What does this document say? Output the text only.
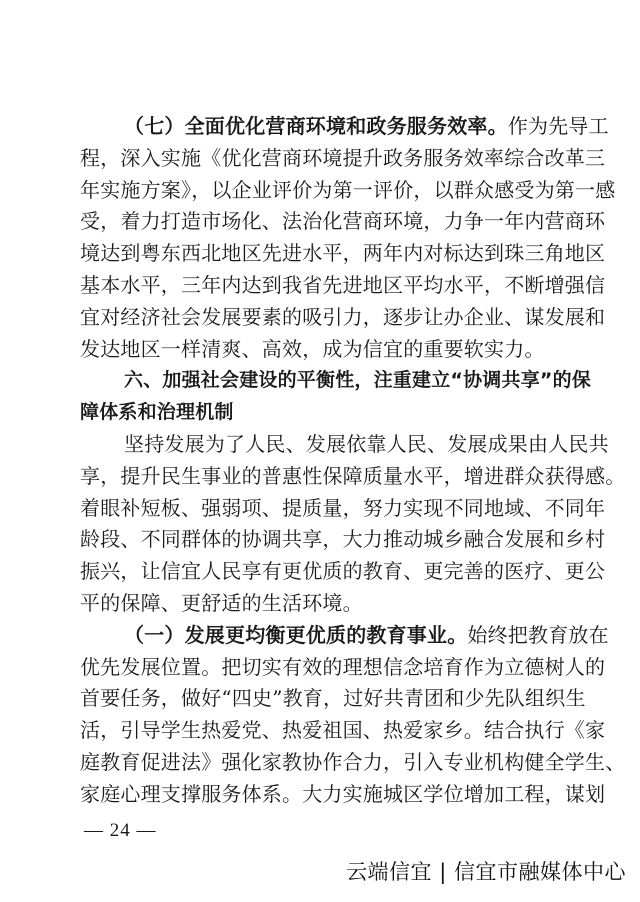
（七）全面优化营商环境和政务服务效率。作为先导工
程，深入实施《优化营商环境提升政务服务效率综合改革三
年实施方案》，以企业评价为第一评价，以群众感受为第一感
受，着力打造市场化、法治化营商环境，力争一年内营商环
境达到粤东西北地区先进水平，两年内对标达到珠三角地区
基本水平，三年内达到我省先进地区平均水平，不断增强信
宜对经济社会发展要素的吸引力，逐步让办企业、谋发展和
发达地区一样清爽、高效，成为信宜的重要软实力。
六、加强社会建设的平衡性，注重建立“协调共享”的保
障体系和治理机制
坚持发展为了人民、发展依靠人民、发展成果由人民共
享，提升民生事业的普惠性保障质量水平，增进群众获得感。
着眼补短板、强弱项、提质量，努力实现不同地域、不同年
龄段、不同群体的协调共享，大力推动城乡融合发展和乡村
振兴，让信宜人民享有更优质的教育、更完善的医疗、更公
平的保障、更舒适的生活环境。
（一）发展更均衡更优质的教育事业。始终把教育放在
优先发展位置。把切实有效的理想信念培育作为立德树人的
首要任务，做好“四史”教育，过好共青团和少先队组织生
活，引导学生热爱党、热爱祖国、热爱家乡。结合执行《家
庭教育促进法》强化家教协作合力，引入专业机构健全学生、
家庭心理支撑服务体系。大力实施城区学位增加工程，谋划
— 24 —
云端信宜 | 信宜市融媒体中心
